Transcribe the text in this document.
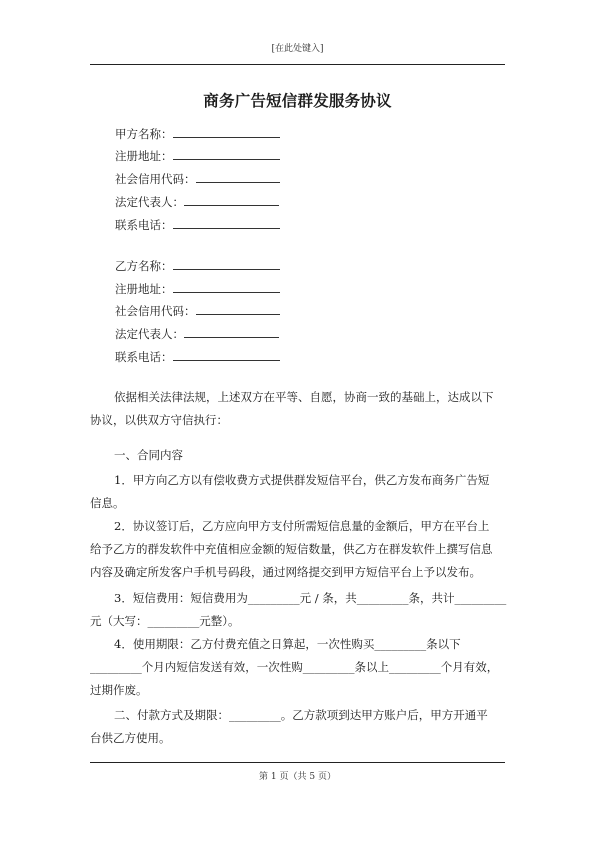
[在此处键入]
商务广告短信群发服务协议
甲方名称：
注册地址：
社会信用代码：
法定代表人：
联系电话：
乙方名称：
注册地址：
社会信用代码：
法定代表人：
联系电话：
依据相关法律法规，上述双方在平等、自愿，协商一致的基础上，达成以下
协议，以供双方守信执行：
一、合同内容
1．甲方向乙方以有偿收费方式提供群发短信平台，供乙方发布商务广告短
信息。
2．协议签订后，乙方应向甲方支付所需短信息量的金额后，甲方在平台上
给予乙方的群发软件中充值相应金额的短信数量，供乙方在群发软件上撰写信息
内容及确定所发客户手机号码段，通过网络提交到甲方短信平台上予以发布。
3．短信费用：短信费用为_________元 / 条，共_________条，共计_________
元（大写：_________元整）。
4．使用期限：乙方付费充值之日算起，一次性购买_________条以下
_________个月内短信发送有效，一次性购_________条以上_________个月有效，
过期作废。
二、付款方式及期限：_________。乙方款项到达甲方账户后，甲方开通平
台供乙方使用。
第 1 页（共 5 页）
